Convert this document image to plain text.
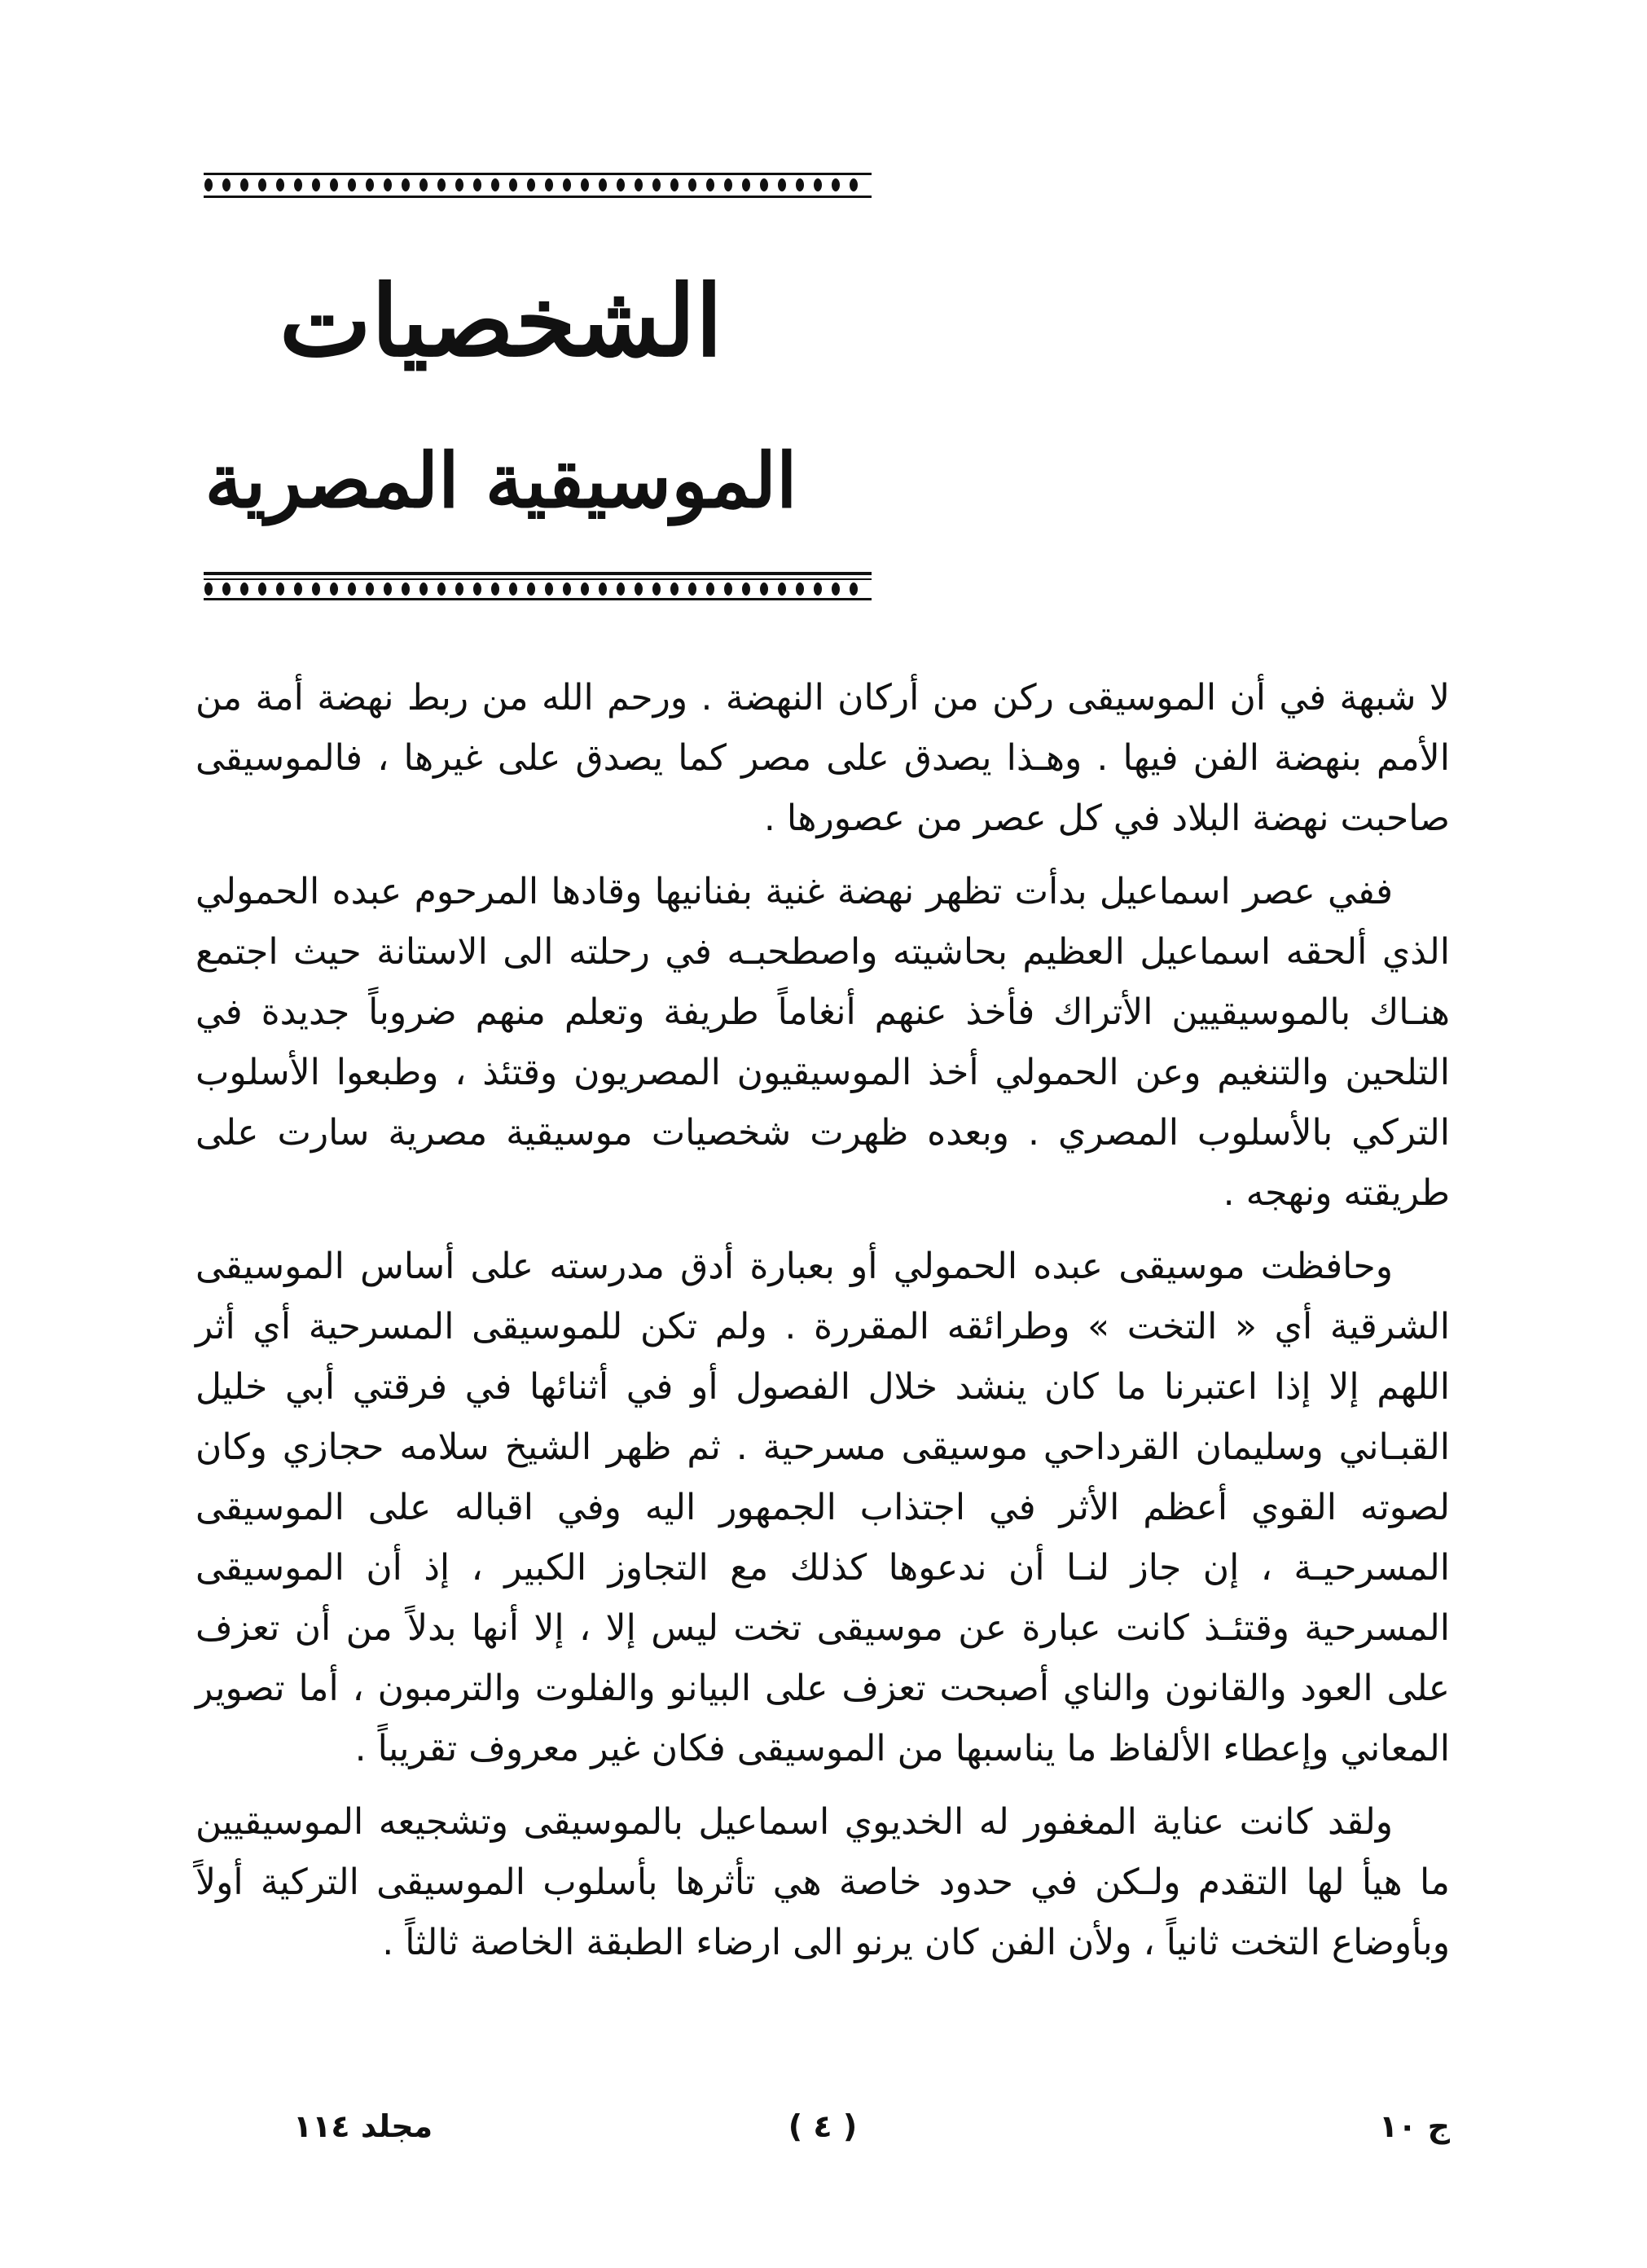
الشخصيات
الموسيقية المصرية

لا شبهة في أن الموسيقى ركن من أركان النهضة . ورحم الله من ربط نهضة أمة من الأمم بنهضة الفن فيها . وهـذا يصدق على مصر كما يصدق على غيرها ، فالموسيقى صاحبت نهضة البلاد في كل عصر من عصورها .

ففي عصر اسماعيل بدأت تظهر نهضة غنية بفنانيها وقادها المرحوم عبده الحمولي الذي ألحقه اسماعيل العظيم بحاشيته واصطحبـه في رحلته الى الاستانة حيث اجتمع هنـاك بالموسيقيين الأتراك فأخذ عنهم أنغاماً طريفة وتعلم منهم ضروباً جديدة في التلحين والتنغيم وعن الحمولي أخذ الموسيقيون المصريون وقتئذ ، وطبعوا الأسلوب التركي بالأسلوب المصري . وبعده ظهرت شخصيات موسيقية مصرية سارت على طريقته ونهجه .

وحافظت موسيقى عبده الحمولي أو بعبارة أدق مدرسته على أساس الموسيقى الشرقية أي « التخت » وطرائقه المقررة . ولم تكن للموسيقى المسرحية أي أثر اللهم إلا إذا اعتبرنا ما كان ينشد خلال الفصول أو في أثنائها في فرقتي أبي خليل القبـاني وسليمان القرداحي موسيقى مسرحية . ثم ظهر الشيخ سلامه حجازي وكان لصوته القوي أعظم الأثر في اجتذاب الجمهور اليه وفي اقباله على الموسيقى المسرحيـة ، إن جاز لنـا أن ندعوها كذلك مع التجاوز الكبير ، إذ أن الموسيقى المسرحية وقتئـذ كانت عبارة عن موسيقى تخت ليس إلا ، إلا أنها بدلاً من أن تعزف على العود والقانون والناي أصبحت تعزف على البيانو والفلوت والترمبون ، أما تصوير المعاني وإعطاء الألفاظ ما يناسبها من الموسيقى فكان غير معروف تقريباً .

ولقد كانت عناية المغفور له الخديوي اسماعيل بالموسيقى وتشجيعه الموسيقيين ما هيأ لها التقدم ولـكن في حدود خاصة هي تأثرها بأسلوب الموسيقى التركية أولاً وبأوضاع التخت ثانياً ، ولأن الفن كان يرنو الى ارضاء الطبقة الخاصة ثالثاً .

ج ١٠
( ٤ )
مجلد ١١٤
